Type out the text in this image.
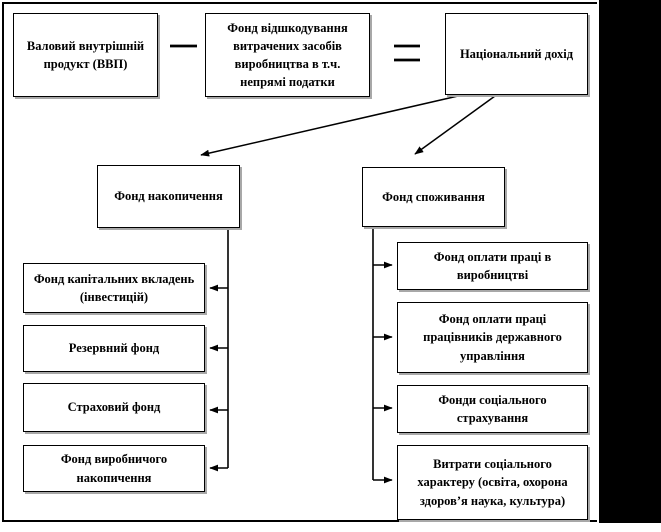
Валовий внутрішній продукт (ВВП)
Фонд відшкодування витрачених засобів виробництва в т.ч. непрямі податки
Національний дохід
Фонд накопичення	Фонд споживання
Фонд капітальних вкладень (інвестицій)
Резервний фонд
Страховий фонд
Фонд виробничого накопичення
Фонд оплати праці в виробництві
Фонд оплати праці працівників державного управління
Фонди соціального страхування
Витрати соціального характеру (освіта, охорона здоров’я наука, культура)
